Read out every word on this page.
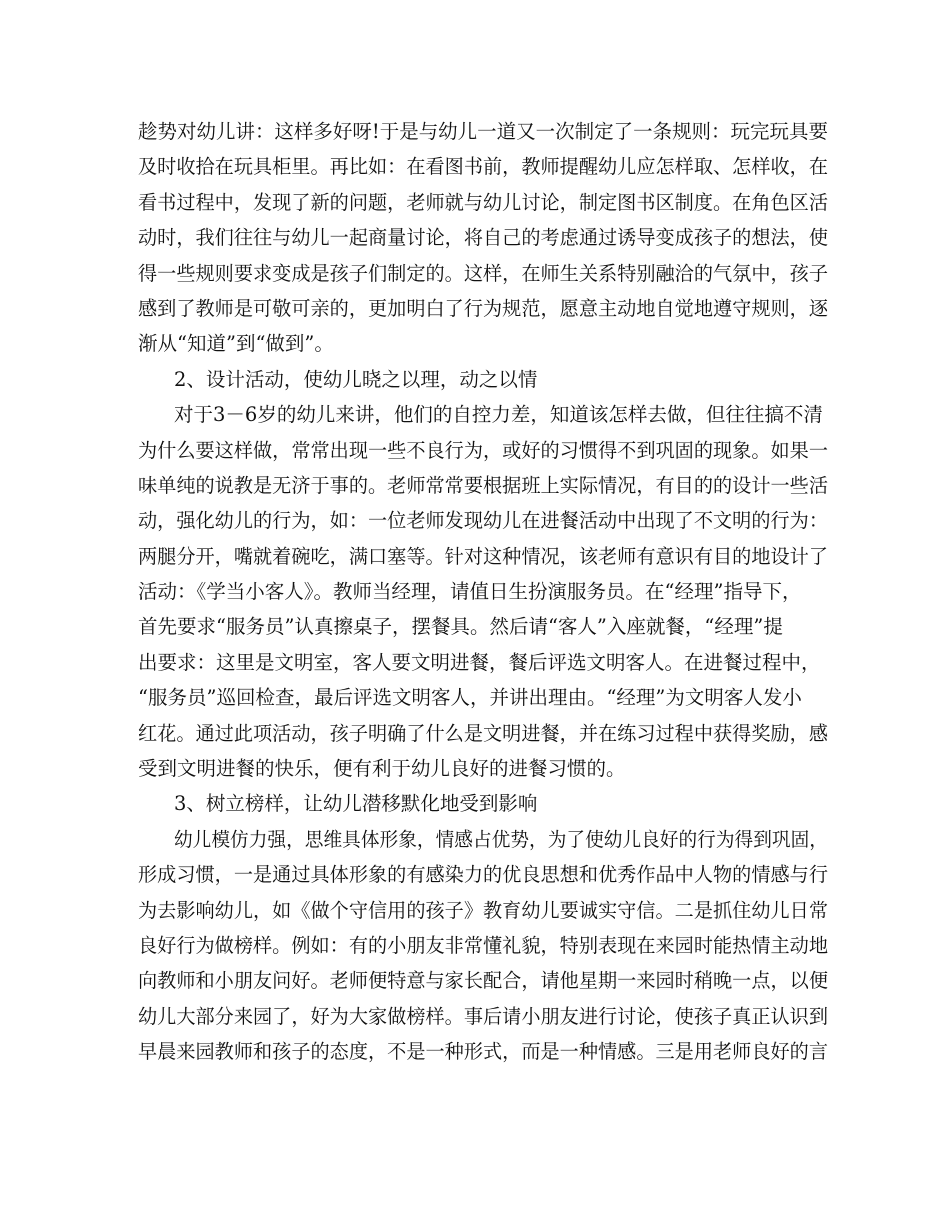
趁势对幼儿讲：这样多好呀!于是与幼儿一道又一次制定了一条规则：玩完玩具要
及时收拾在玩具柜里。再比如：在看图书前，教师提醒幼儿应怎样取、怎样收，在
看书过程中，发现了新的问题，老师就与幼儿讨论，制定图书区制度。在角色区活
动时，我们往往与幼儿一起商量讨论，将自己的考虑通过诱导变成孩子的想法，使
得一些规则要求变成是孩子们制定的。这样，在师生关系特别融洽的气氛中，孩子
感到了教师是可敬可亲的，更加明白了行为规范，愿意主动地自觉地遵守规则，逐
渐从“知道”到“做到”。
2、设计活动，使幼儿晓之以理，动之以情
对于3－6岁的幼儿来讲，他们的自控力差，知道该怎样去做，但往往搞不清
为什么要这样做，常常出现一些不良行为，或好的习惯得不到巩固的现象。如果一
味单纯的说教是无济于事的。老师常常要根据班上实际情况，有目的的设计一些活
动，强化幼儿的行为，如：一位老师发现幼儿在进餐活动中出现了不文明的行为：
两腿分开，嘴就着碗吃，满口塞等。针对这种情况，该老师有意识有目的地设计了
活动：《学当小客人》。教师当经理，请值日生扮演服务员。在“经理”指导下，
首先要求“服务员”认真擦桌子，摆餐具。然后请“客人”入座就餐，“经理”提
出要求：这里是文明室，客人要文明进餐，餐后评选文明客人。在进餐过程中，
“服务员”巡回检查，最后评选文明客人，并讲出理由。“经理”为文明客人发小
红花。通过此项活动，孩子明确了什么是文明进餐，并在练习过程中获得奖励，感
受到文明进餐的快乐，便有利于幼儿良好的进餐习惯的。
3、树立榜样，让幼儿潜移默化地受到影响
幼儿模仿力强，思维具体形象，情感占优势，为了使幼儿良好的行为得到巩固，
形成习惯，一是通过具体形象的有感染力的优良思想和优秀作品中人物的情感与行
为去影响幼儿，如《做个守信用的孩子》教育幼儿要诚实守信。二是抓住幼儿日常
良好行为做榜样。例如：有的小朋友非常懂礼貌，特别表现在来园时能热情主动地
向教师和小朋友问好。老师便特意与家长配合，请他星期一来园时稍晚一点，以便
幼儿大部分来园了，好为大家做榜样。事后请小朋友进行讨论，使孩子真正认识到
早晨来园教师和孩子的态度，不是一种形式，而是一种情感。三是用老师良好的言
